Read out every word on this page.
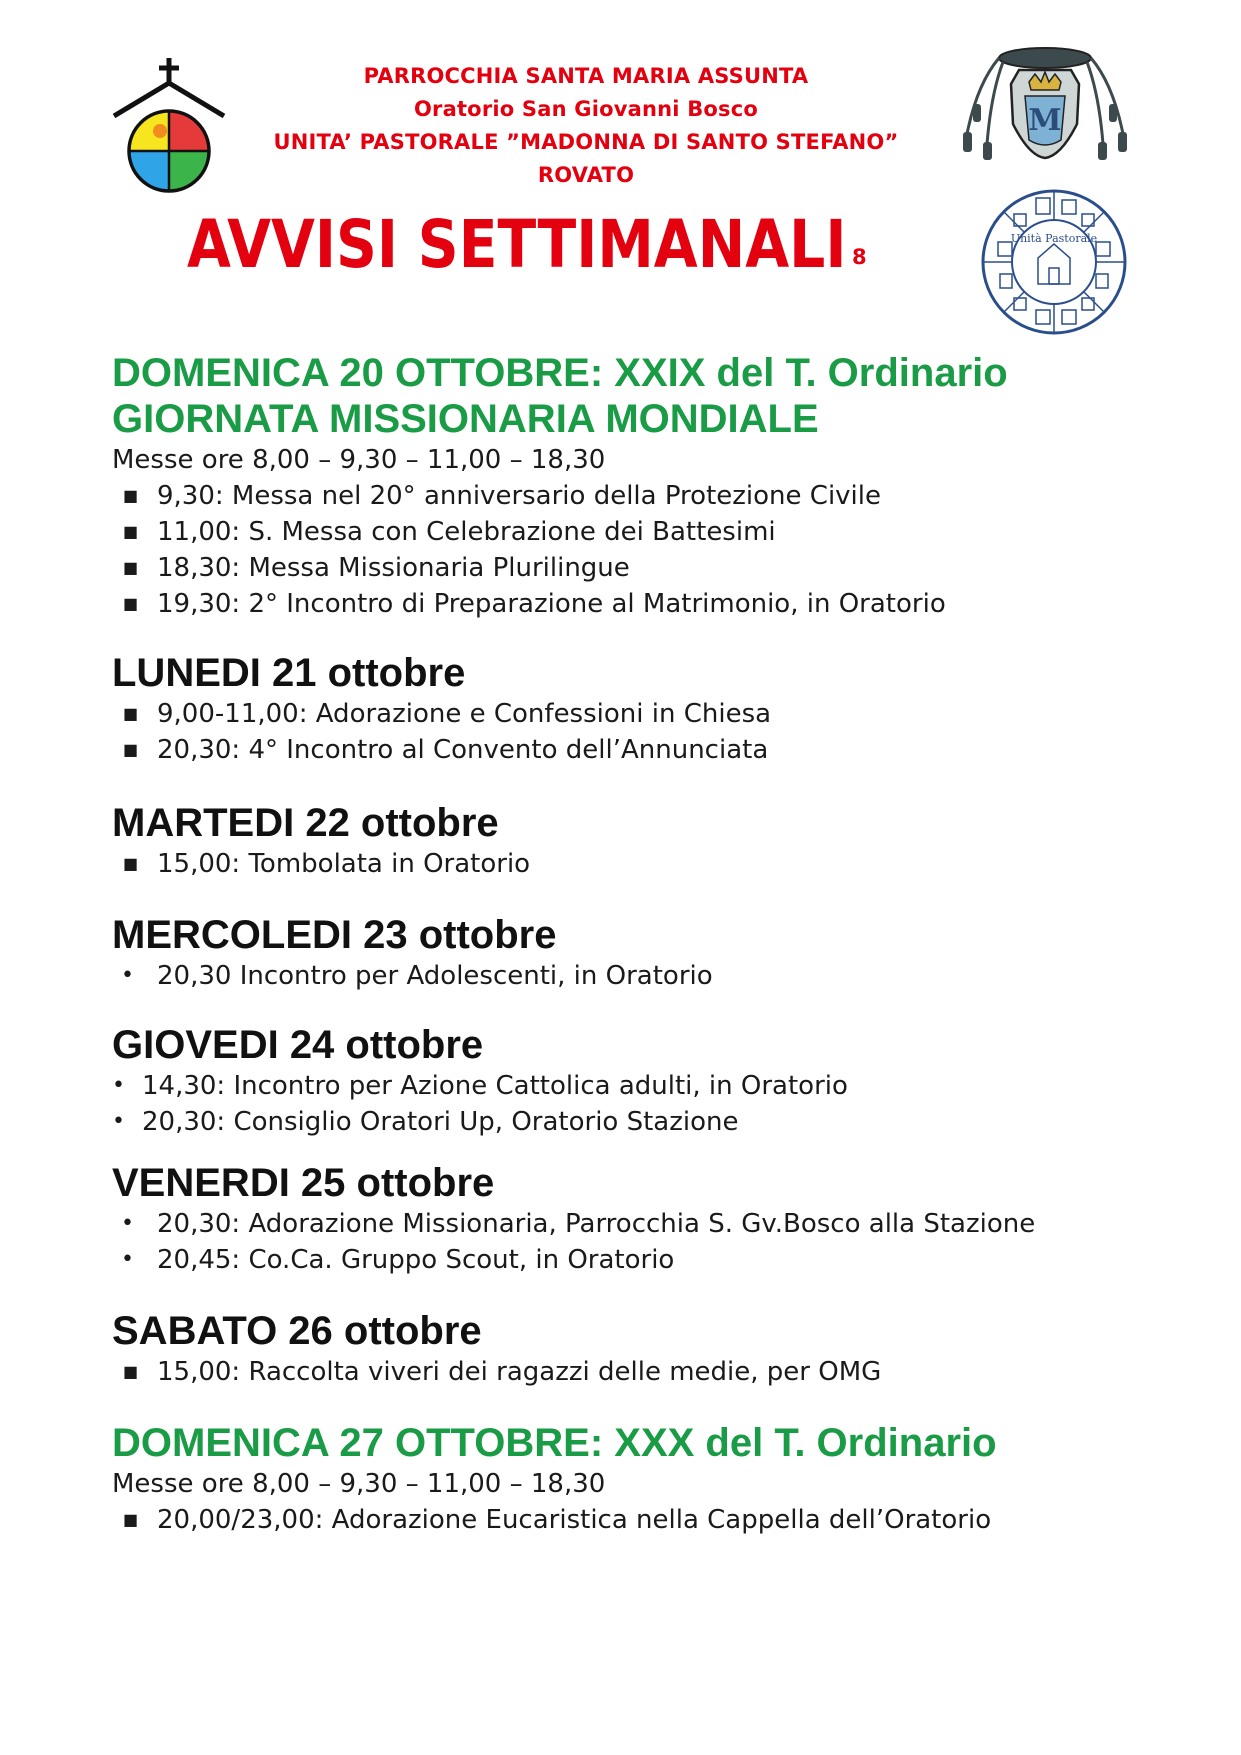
PARROCCHIA SANTA MARIA ASSUNTA
Oratorio San Giovanni Bosco
UNITA’ PASTORALE ”MADONNA DI SANTO STEFANO”
ROVATO
M
Unità Pastorale
AVVISI SETTIMANALI 8
DOMENICA 20 OTTOBRE: XXIX del T. Ordinario
GIORNATA MISSIONARIA MONDIALE
Messe ore 8,00 – 9,30 – 11,00 – 18,30
■ 9,30: Messa nel 20° anniversario della Protezione Civile
■ 11,00: S. Messa con Celebrazione dei Battesimi
■ 18,30: Messa Missionaria Plurilingue
■ 19,30: 2° Incontro di Preparazione al Matrimonio, in Oratorio
LUNEDI 21 ottobre
■ 9,00-11,00: Adorazione e Confessioni in Chiesa
■ 20,30: 4° Incontro al Convento dell’Annunciata
MARTEDI 22 ottobre
■ 15,00: Tombolata in Oratorio
MERCOLEDI 23 ottobre
• 20,30 Incontro per Adolescenti, in Oratorio
GIOVEDI 24 ottobre
• 14,30: Incontro per Azione Cattolica adulti, in Oratorio
• 20,30: Consiglio Oratori Up, Oratorio Stazione
VENERDI 25 ottobre
• 20,30: Adorazione Missionaria, Parrocchia S. Gv.Bosco alla Stazione
• 20,45: Co.Ca. Gruppo Scout, in Oratorio
SABATO 26 ottobre
■ 15,00: Raccolta viveri dei ragazzi delle medie, per OMG
DOMENICA 27 OTTOBRE: XXX del T. Ordinario
Messe ore 8,00 – 9,30 – 11,00 – 18,30
■ 20,00/23,00: Adorazione Eucaristica nella Cappella dell’Oratorio
